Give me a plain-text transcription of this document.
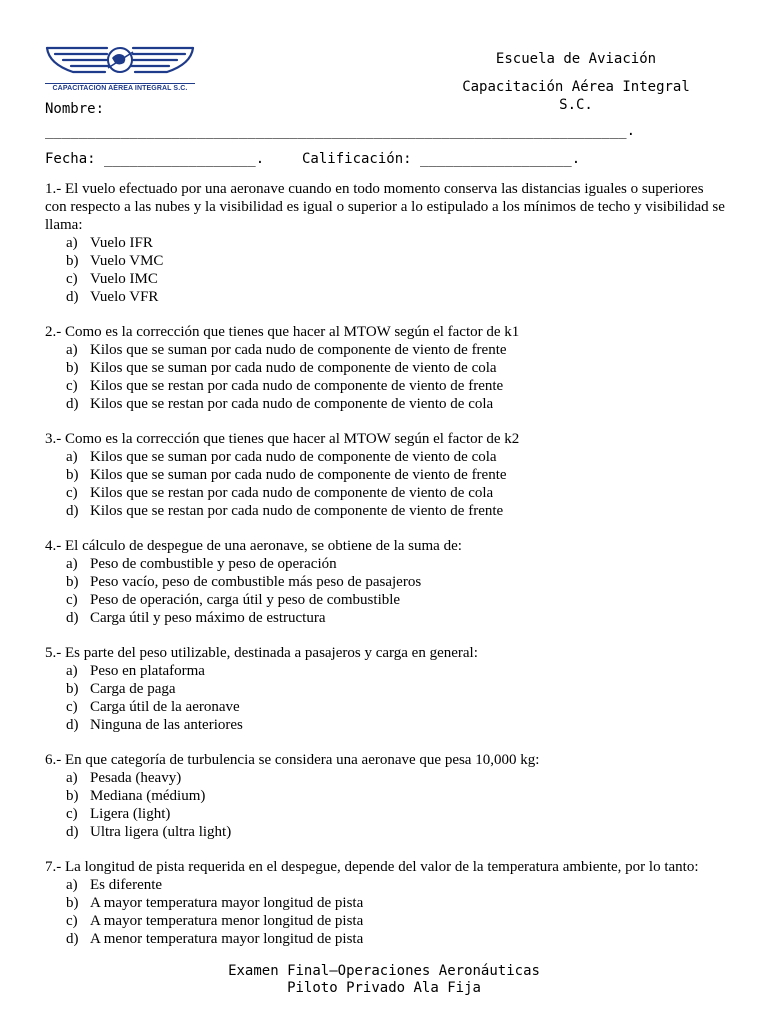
CAPACITACIÓN AÉREA INTEGRAL S.C.
Escuela de Aviación
Capacitación Aérea Integral
S.C.
Nombre:
_____________________________________________________________________.
Fecha: __________________.	Calificación: __________________.
1.- El vuelo efectuado por una aeronave cuando en todo momento conserva las distancias iguales o superiores con respecto a las nubes y la visibilidad es igual o superior a lo estipulado a los mínimos de techo y visibilidad se llama:
a) Vuelo IFR
b) Vuelo VMC
c) Vuelo IMC
d) Vuelo VFR
2.- Como es la corrección que tienes que hacer al MTOW según el factor de k1
a) Kilos que se suman por cada nudo de componente de viento de frente
b) Kilos que se suman por cada nudo de componente de viento de cola
c) Kilos que se restan por cada nudo de componente de viento de frente
d) Kilos que se restan por cada nudo de componente de viento de cola
3.- Como es la corrección que tienes que hacer al MTOW según el factor de k2
a) Kilos que se suman por cada nudo de componente de viento de cola
b) Kilos que se suman por cada nudo de componente de viento de frente
c) Kilos que se restan por cada nudo de componente de viento de cola
d) Kilos que se restan por cada nudo de componente de viento de frente
4.- El cálculo de despegue de una aeronave, se obtiene de la suma de:
a) Peso de combustible y peso de operación
b) Peso vacío, peso de combustible más peso de pasajeros
c) Peso de operación, carga útil y peso de combustible
d) Carga útil y peso máximo de estructura
5.- Es parte del peso utilizable, destinada a pasajeros y carga en general:
a) Peso en plataforma
b) Carga de paga
c) Carga útil de la aeronave
d) Ninguna de las anteriores
6.- En que categoría de turbulencia se considera una aeronave que pesa 10,000 kg:
a) Pesada (heavy)
b) Mediana (médium)
c) Ligera (light)
d) Ultra ligera (ultra light)
7.- La longitud de pista requerida en el despegue, depende del valor de la temperatura ambiente, por lo tanto:
a) Es diferente
b) A mayor temperatura mayor longitud de pista
c) A mayor temperatura menor longitud de pista
d) A menor temperatura mayor longitud de pista
Examen Final—Operaciones Aeronáuticas
Piloto Privado Ala Fija
